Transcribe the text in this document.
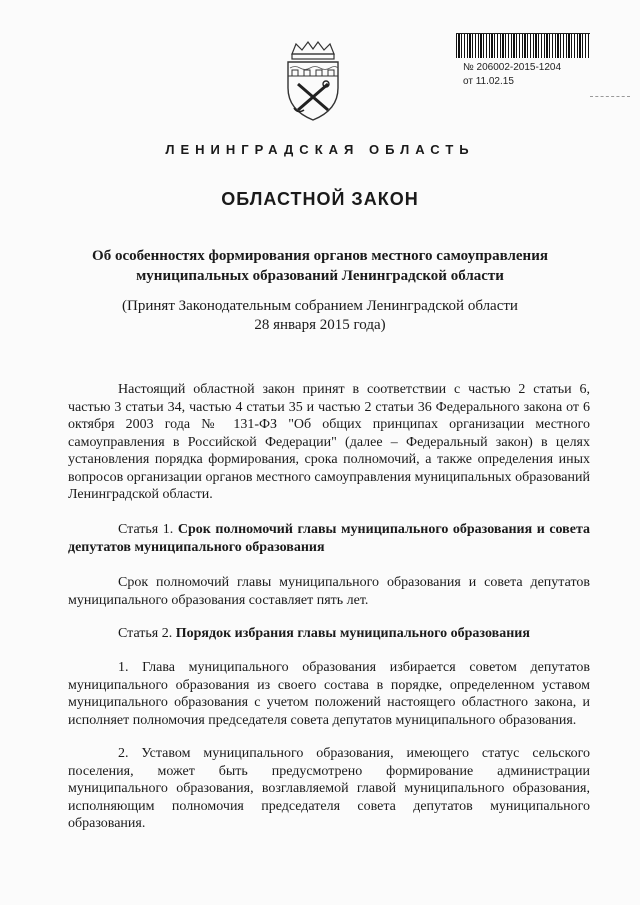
№ 206002-2015-1204
от 11.02.15
ЛЕНИНГРАДСКАЯ ОБЛАСТЬ
ОБЛАСТНОЙ ЗАКОН
Об особенностях формирования органов местного самоуправления
муниципальных образований Ленинградской области
(Принят Законодательным собранием Ленинградской области
28 января 2015 года)
Настоящий областной закон принят в соответствии с частью 2 статьи 6, частью 3 статьи 34, частью 4 статьи 35 и частью 2 статьи 36 Федерального закона от 6 октября 2003 года № 131-ФЗ "Об общих принципах организации местного самоуправления в Российской Федерации" (далее – Федеральный закон) в целях установления порядка формирования, срока полномочий, а также определения иных вопросов организации органов местного самоуправления муниципальных образований Ленинградской области.
Статья 1. Срок полномочий главы муниципального образования и совета депутатов муниципального образования
Срок полномочий главы муниципального образования и совета депутатов муниципального образования составляет пять лет.
Статья 2. Порядок избрания главы муниципального образования
1. Глава муниципального образования избирается советом депутатов муниципального образования из своего состава в порядке, определенном уставом муниципального образования с учетом положений настоящего областного закона, и исполняет полномочия председателя совета депутатов муниципального образования.
2. Уставом муниципального образования, имеющего статус сельского поселения, может быть предусмотрено формирование администрации муниципального образования, возглавляемой главой муниципального образования, исполняющим полномочия председателя совета депутатов муниципального образования.
